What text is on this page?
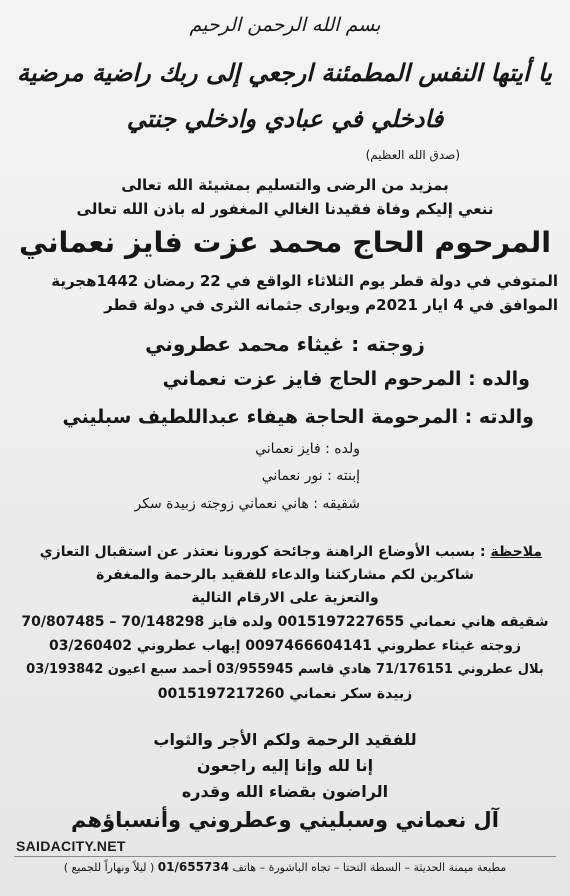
بسم الله الرحمن الرحيم
يا أيتها النفس المطمئنة ارجعي إلى ربك راضية مرضية
فادخلي في عبادي وادخلي جنتي
(صدق الله العظيم)
بمزيد من الرضى والتسليم بمشيئة الله تعالى
ننعي إليكم وفاة فقيدنا الغالي المغفور له باذن الله تعالى
المرحوم الحاج محمد عزت فايز نعماني
المتوفي في دولة قطر يوم الثلاثاء الواقع في 22 رمضان 1442هجرية
الموافق في 4 ايار 2021م ويوارى جثمانه الثرى في دولة قطر
زوجته : غيثاء محمد عطروني
والده : المرحوم الحاج فايز عزت نعماني
والدته : المرحومة الحاجة هيفاء عبداللطيف سبليني
ولده : فايز نعماني
إبنته : نور نعماني
شقيقه : هاني نعماني زوجته زبيدة سكر
ملاحظة : بسبب الأوضاع الراهنة وجائحة كورونا نعتذر عن استقبال التعازي
شاكرين لكم مشاركتنا والدعاء للفقيد بالرحمة والمغفرة
والتعزية على الارقام التالية
شقيقه هاني نعماني 0015197227655 ولده فايز 70/148298 – 70/807485
زوجته غيثاء عطروني 0097466604141 إيهاب عطروني 03/260402
بلال عطروني 71/176151 هادي قاسم 03/955945 أحمد سبع اعيون 03/193842
زبيدة سكر نعماني 0015197217260
للفقيد الرحمة ولكم الأجر والثواب
إنا لله وإنا إليه راجعون
الراضون بقضاء الله وقدره
آل نعماني وسبليني وعطروني وأنسباؤهم
SAIDACITY.NET
مطبعة ميمنة الحديثة – السطة التحتا – تجاه الباشورة – هاتف 01/655734 ( ليلاً ونهاراً للجميع )
